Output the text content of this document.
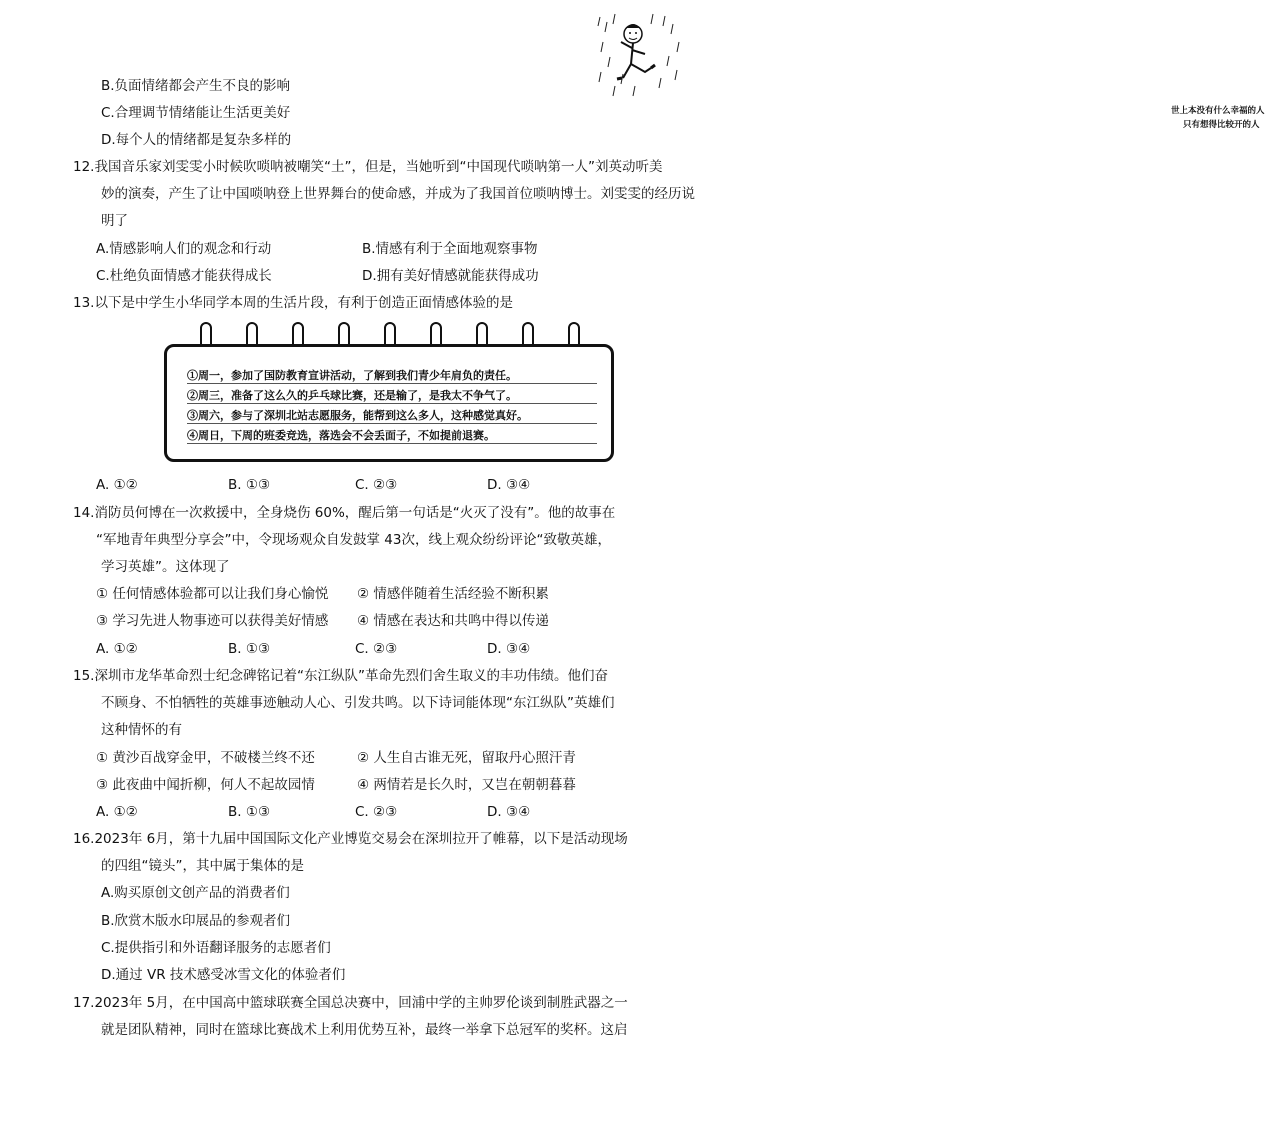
世上本没有什么幸福的人
只有想得比较开的人
B.负面情绪都会产生不良的影响
C.合理调节情绪能让生活更美好
D.每个人的情绪都是复杂多样的
12.我国音乐家刘雯雯小时候吹唢呐被嘲笑“土”，但是，当她听到“中国现代唢呐第一人”刘英动听美
妙的演奏，产生了让中国唢呐登上世界舞台的使命感，并成为了我国首位唢呐博士。刘雯雯的经历说
明了
A.情感影响人们的观念和行动	B.情感有利于全面地观察事物
C.杜绝负面情感才能获得成长	D.拥有美好情感就能获得成功
13.以下是中学生小华同学本周的生活片段，有利于创造正面情感体验的是
①周一，参加了国防教育宣讲活动，了解到我们青少年肩负的责任。
②周三，准备了这么久的乒乓球比赛，还是输了，是我太不争气了。
③周六，参与了深圳北站志愿服务，能帮到这么多人，这种感觉真好。
④周日，下周的班委竞选，落选会不会丢面子，不如提前退赛。
A. ①②	B. ①③	C. ②③	D. ③④
14.消防员何博在一次救援中，全身烧伤 60%，醒后第一句话是“火灭了没有”。他的故事在
“军地青年典型分享会”中，令现场观众自发鼓掌 43次，线上观众纷纷评论“致敬英雄，
学习英雄”。这体现了
① 任何情感体验都可以让我们身心愉悦 ② 情感伴随着生活经验不断积累
③ 学习先进人物事迹可以获得美好情感 ④ 情感在表达和共鸣中得以传递
A. ①②	B. ①③	C. ②③	D. ③④
15.深圳市龙华革命烈士纪念碑铭记着“东江纵队”革命先烈们舍生取义的丰功伟绩。他们奋
不顾身、不怕牺牲的英雄事迹触动人心、引发共鸣。以下诗词能体现“东江纵队”英雄们
这种情怀的有
① 黄沙百战穿金甲，不破楼兰终不还	② 人生自古谁无死，留取丹心照汗青
③ 此夜曲中闻折柳，何人不起故园情	④ 两情若是长久时，又岂在朝朝暮暮
A. ①②	B. ①③	C. ②③	D. ③④
16.2023年 6月，第十九届中国国际文化产业博览交易会在深圳拉开了帷幕，以下是活动现场
的四组“镜头”，其中属于集体的是
A.购买原创文创产品的消费者们
B.欣赏木版水印展品的参观者们
C.提供指引和外语翻译服务的志愿者们
D.通过 VR 技术感受冰雪文化的体验者们
17.2023年 5月，在中国高中篮球联赛全国总决赛中，回浦中学的主帅罗伦谈到制胜武器之一
就是团队精神，同时在篮球比赛战术上利用优势互补，最终一举拿下总冠军的奖杯。这启
